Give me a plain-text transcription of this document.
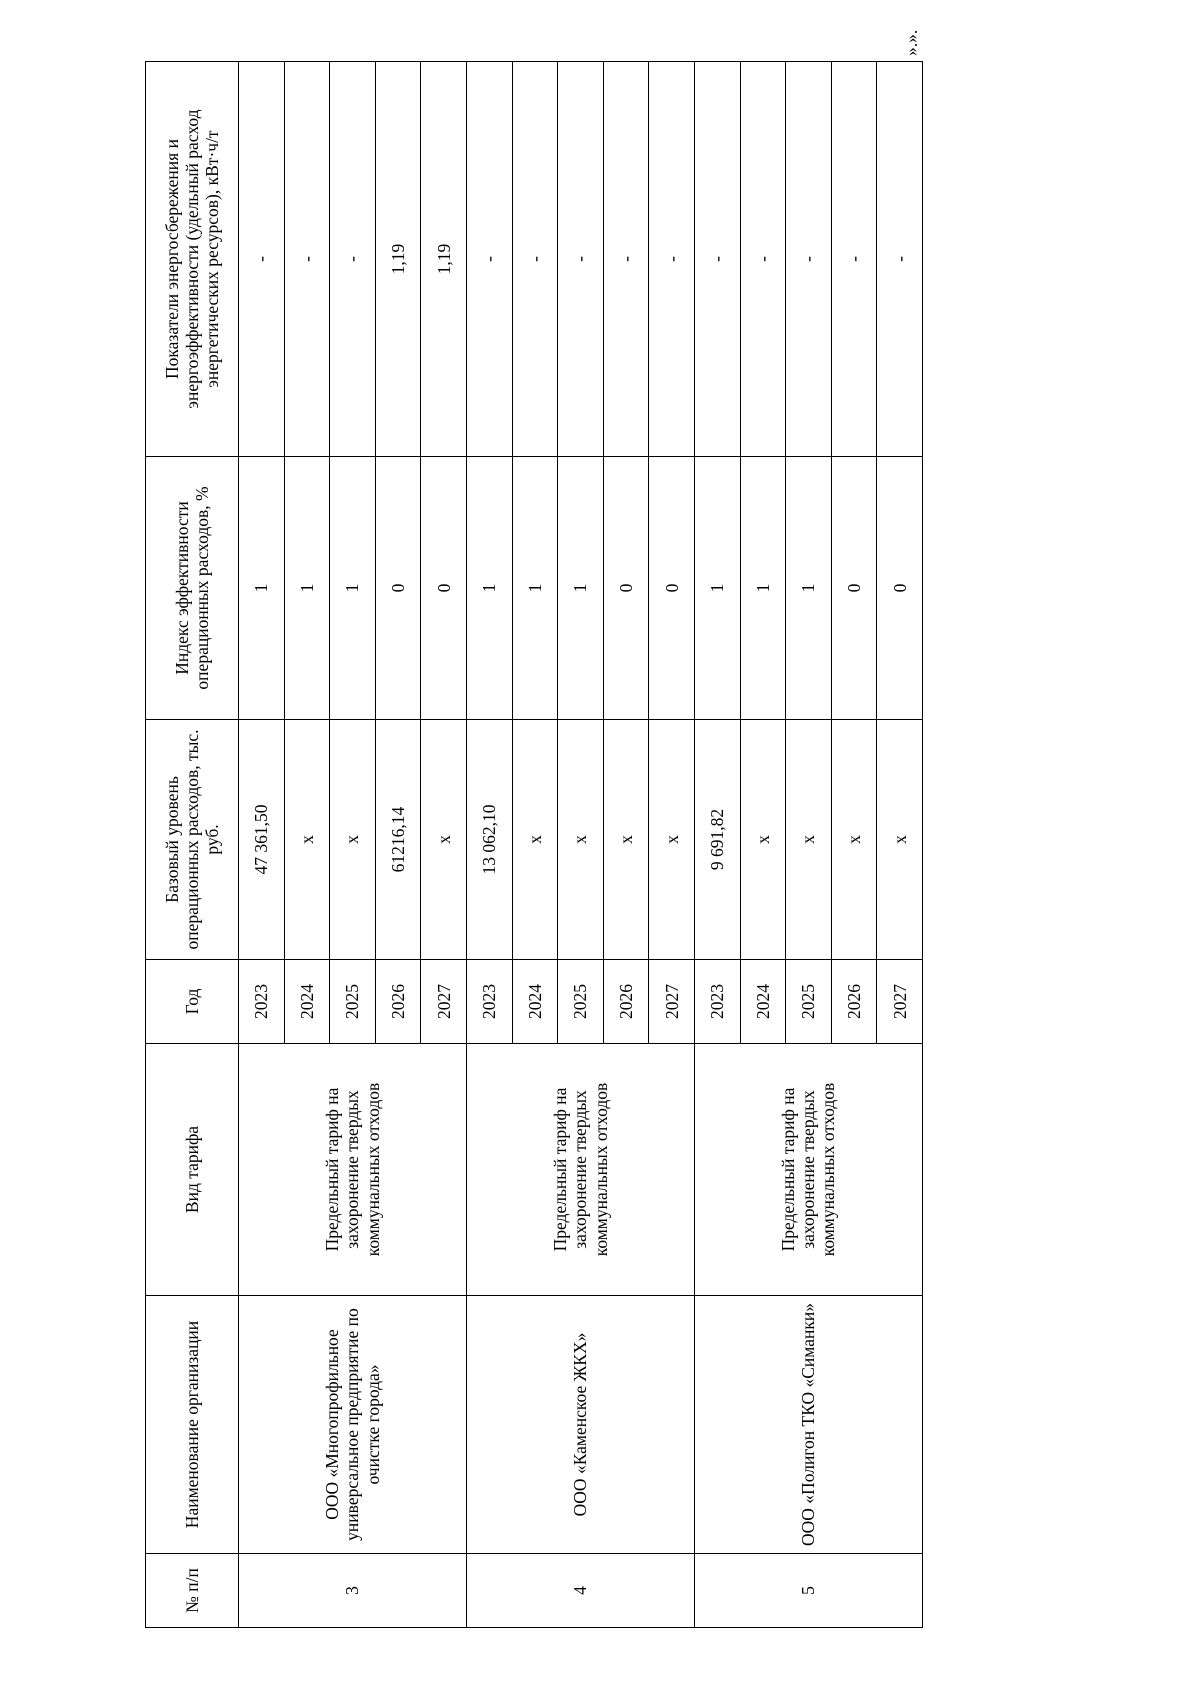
№ п/п	Наименование организации	Вид тарифа	Год	Базовый уровень операционных расходов, тыс. руб.	Индекс эффективности операционных расходов, %	Показатели энергосбережения и энергоэффективности (удельный расход энергетических ресурсов), кВт·ч/т
3	ООО «Многопрофильное универсальное предприятие по очистке города»	Предельный тариф на захоронение твердых коммунальных отходов	2023	47 361,50	1	-
			2024	x	1	-
			2025	x	1	-
			2026	61216,14	0	1,19
			2027	x	0	1,19
4	ООО «Каменское ЖКХ»	Предельный тариф на захоронение твердых коммунальных отходов	2023	13 062,10	1	-
			2024	x	1	-
			2025	x	1	-
			2026	x	0	-
			2027	x	0	-
5	ООО «Полигон ТКО «Симанки»	Предельный тариф на захоронение твердых коммунальных отходов	2023	9 691,82	1	-
			2024	x	1	-
			2025	x	1	-
			2026	x	0	-
			2027	x	0	-
».».
